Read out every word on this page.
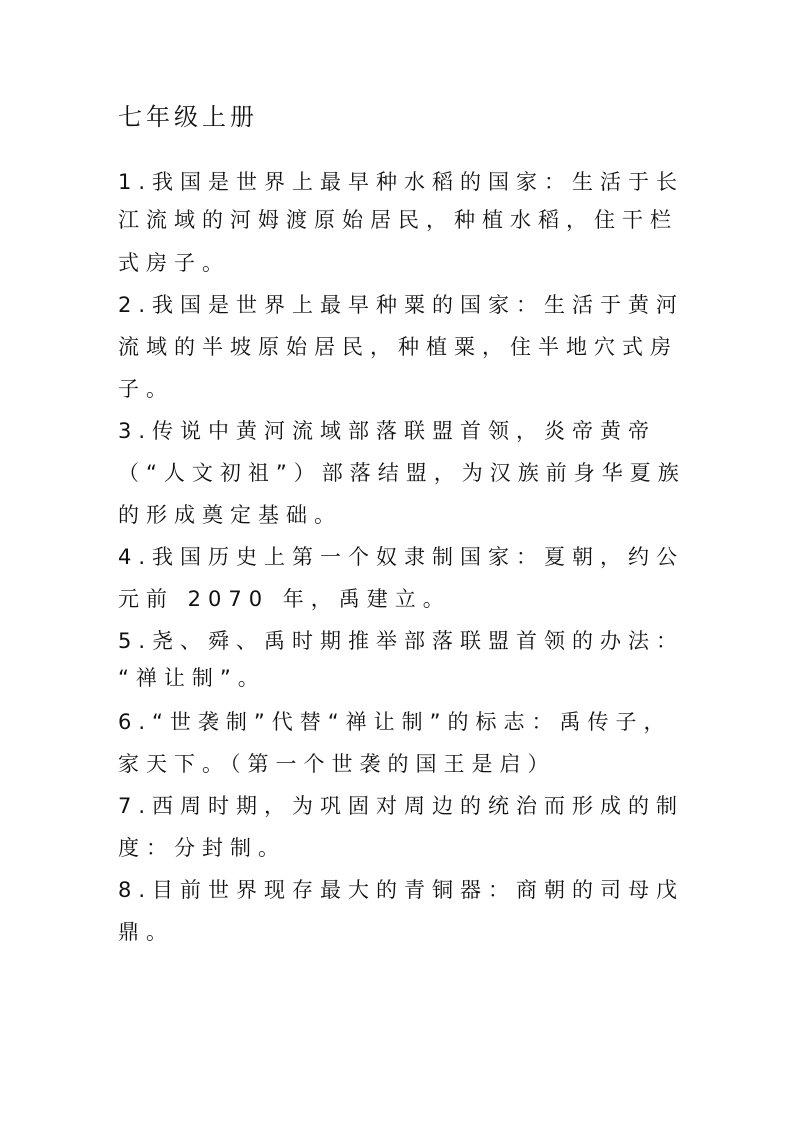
七年级上册
1.我国是世界上最早种水稻的国家：生活于长
江流域的河姆渡原始居民，种植水稻，住干栏
式房子。
2.我国是世界上最早种粟的国家：生活于黄河
流域的半坡原始居民，种植粟，住半地穴式房
子。
3.传说中黄河流域部落联盟首领，炎帝黄帝
（“人文初祖”）部落结盟，为汉族前身华夏族
的形成奠定基础。
4.我国历史上第一个奴隶制国家：夏朝，约公
元前 2070 年，禹建立。
5.尧、舜、禹时期推举部落联盟首领的办法：
“禅让制”。
6.“世袭制”代替“禅让制”的标志：禹传子，
家天下。（第一个世袭的国王是启）
7.西周时期，为巩固对周边的统治而形成的制
度：分封制。
8.目前世界现存最大的青铜器：商朝的司母戊
鼎。
